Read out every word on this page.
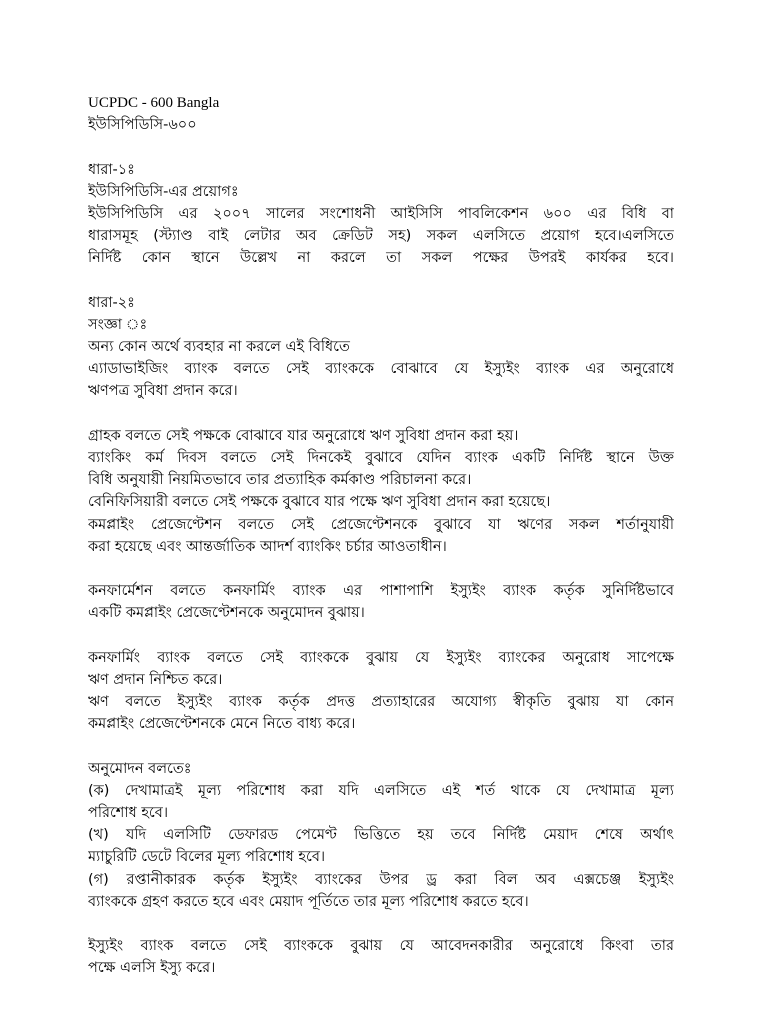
UCPDC - 600 Bangla
ইউসিপিডিসি-৬০০
ধারা-১ঃ
ইউসিপিডিসি-এর প্রয়োগঃ
ইউসিপিডিসি এর ২০০৭ সালের সংশোধনী আইসিসি পাবলিকেশন ৬০০ এর বিধি বা
ধারাসমূহ (স্ট্যাণ্ড বাই লেটার অব ক্রেডিট সহ) সকল এলসিতে প্রয়োগ হবে।এলসিতে
নির্দিষ্ট কোন স্থানে উল্লেখ না করলে তা সকল পক্ষের উপরই কার্যকর হবে।
ধারা-২ঃ
সংজ্ঞা ঃ
অন্য কোন অর্থে ব্যবহার না করলে এই বিধিতে
এ্যাডাভাইজিং ব্যাংক বলতে সেই ব্যাংককে বোঝাবে যে ইস্যুইং ব্যাংক এর অনুরোধে
ঋণপত্র সুবিধা প্রদান করে।
গ্রাহক বলতে সেই পক্ষকে বোঝাবে যার অনুরোধে ঋণ সুবিধা প্রদান করা হয়।
ব্যাংকিং কর্ম দিবস বলতে সেই দিনকেই বুঝাবে যেদিন ব্যাংক একটি নির্দিষ্ট স্থানে উক্ত
বিধি অনুযায়ী নিয়মিতভাবে তার প্রত্যাহিক কর্মকাণ্ড পরিচালনা করে।
বেনিফিসিয়ারী বলতে সেই পক্ষকে বুঝাবে যার পক্ষে ঋণ সুবিধা প্রদান করা হয়েছে।
কমপ্লাইং প্রেজেণ্টেশন বলতে সেই প্রেজেণ্টেশনকে বুঝাবে যা ঋণের সকল শর্তানুযায়ী
করা হয়েছে এবং আন্তর্জাতিক আদর্শ ব্যাংকিং চর্চার আওতাধীন।
কনফার্মেশন বলতে কনফার্মিং ব্যাংক এর পাশাপাশি ইস্যুইং ব্যাংক কর্তৃক সুনির্দিষ্টভাবে
একটি কমপ্লাইং প্রেজেণ্টেশনকে অনুমোদন বুঝায়।
কনফার্মিং ব্যাংক বলতে সেই ব্যাংককে বুঝায় যে ইস্যুইং ব্যাংকের অনুরোধ সাপেক্ষে
ঋণ প্রদান নিশ্চিত করে।
ঋণ বলতে ইস্যুইং ব্যাংক কর্তৃক প্রদত্ত প্রত্যাহারের অযোগ্য স্বীকৃতি বুঝায় যা কোন
কমপ্লাইং প্রেজেণ্টেশনকে মেনে নিতে বাধ্য করে।
অনুমোদন বলতেঃ
(ক) দেখামাত্রই মূল্য পরিশোধ করা যদি এলসিতে এই শর্ত থাকে যে দেখামাত্র মূল্য
পরিশোধ হবে।
(খ) যদি এলসিটি ডেফারড পেমেণ্ট ভিত্তিতে হয় তবে নির্দিষ্ট মেয়াদ শেষে অর্থাৎ
ম্যাচুরিটি ডেটে বিলের মূল্য পরিশোধ হবে।
(গ) রপ্তানীকারক কর্তৃক ইস্যুইং ব্যাংকের উপর ড্র করা বিল অব এক্সচেঞ্জ ইস্যুইং
ব্যাংককে গ্রহণ করতে হবে এবং মেয়াদ পূর্তিতে তার মূল্য পরিশোধ করতে হবে।
ইস্যুইং ব্যাংক বলতে সেই ব্যাংককে বুঝায় যে আবেদনকারীর অনুরোধে কিংবা তার
পক্ষে এলসি ইস্যু করে।
